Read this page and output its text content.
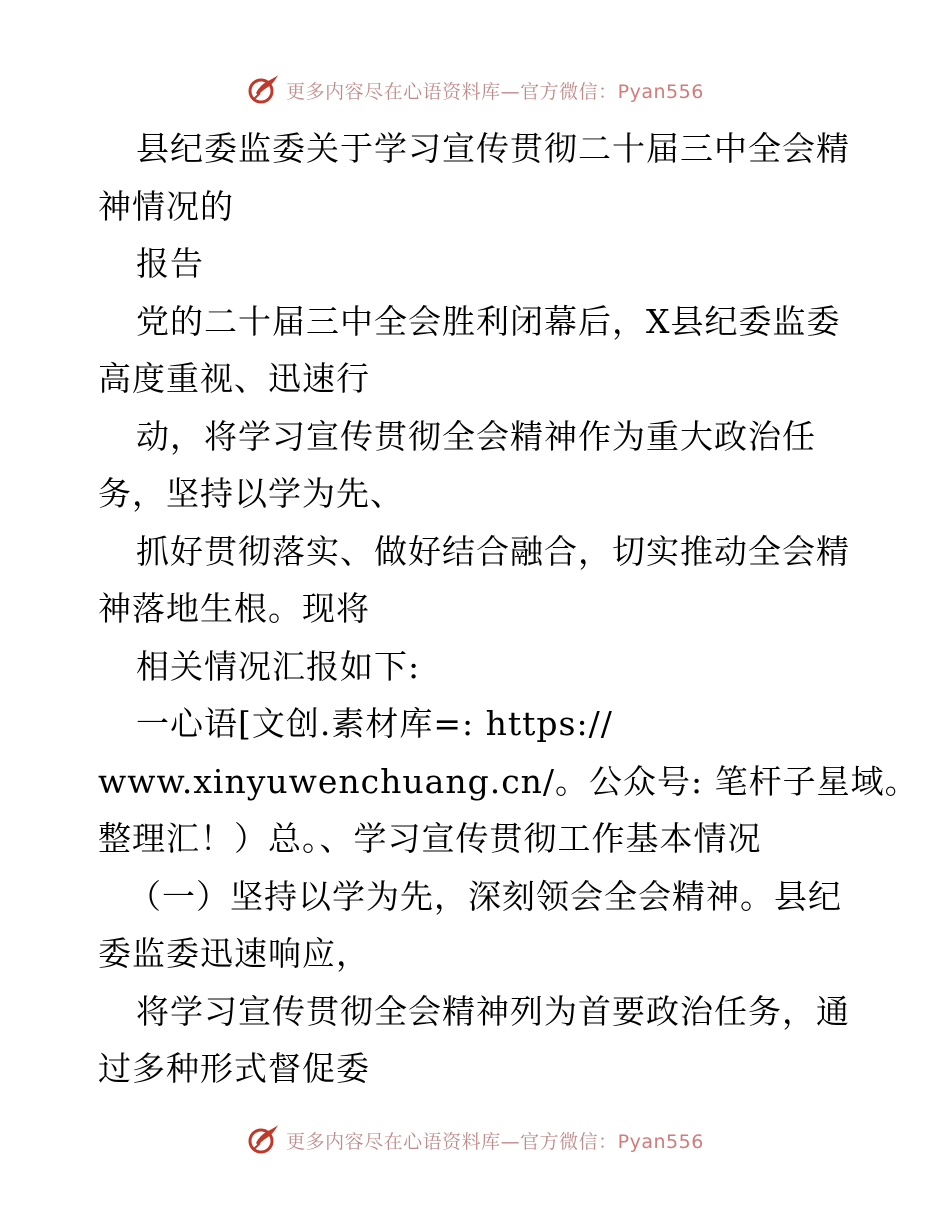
更多内容尽在心语资料库—官方微信：Pyan556
县纪委监委关于学习宣传贯彻二十届三中全会精
神情况的
报告
党的二十届三中全会胜利闭幕后，X县纪委监委
高度重视、迅速行
动，将学习宣传贯彻全会精神作为重大政治任
务，坚持以学为先、
抓好贯彻落实、做好结合融合，切实推动全会精
神落地生根。现将
相关情况汇报如下:
一心语[文创.素材库=: https://
www.xinyuwenchuang.cn/。公众号: 笔杆子星域。
整理汇！）总。、学习宣传贯彻工作基本情况
（一）坚持以学为先，深刻领会全会精神。县纪
委监委迅速响应，
将学习宣传贯彻全会精神列为首要政治任务，通
过多种形式督促委
更多内容尽在心语资料库—官方微信：Pyan556
